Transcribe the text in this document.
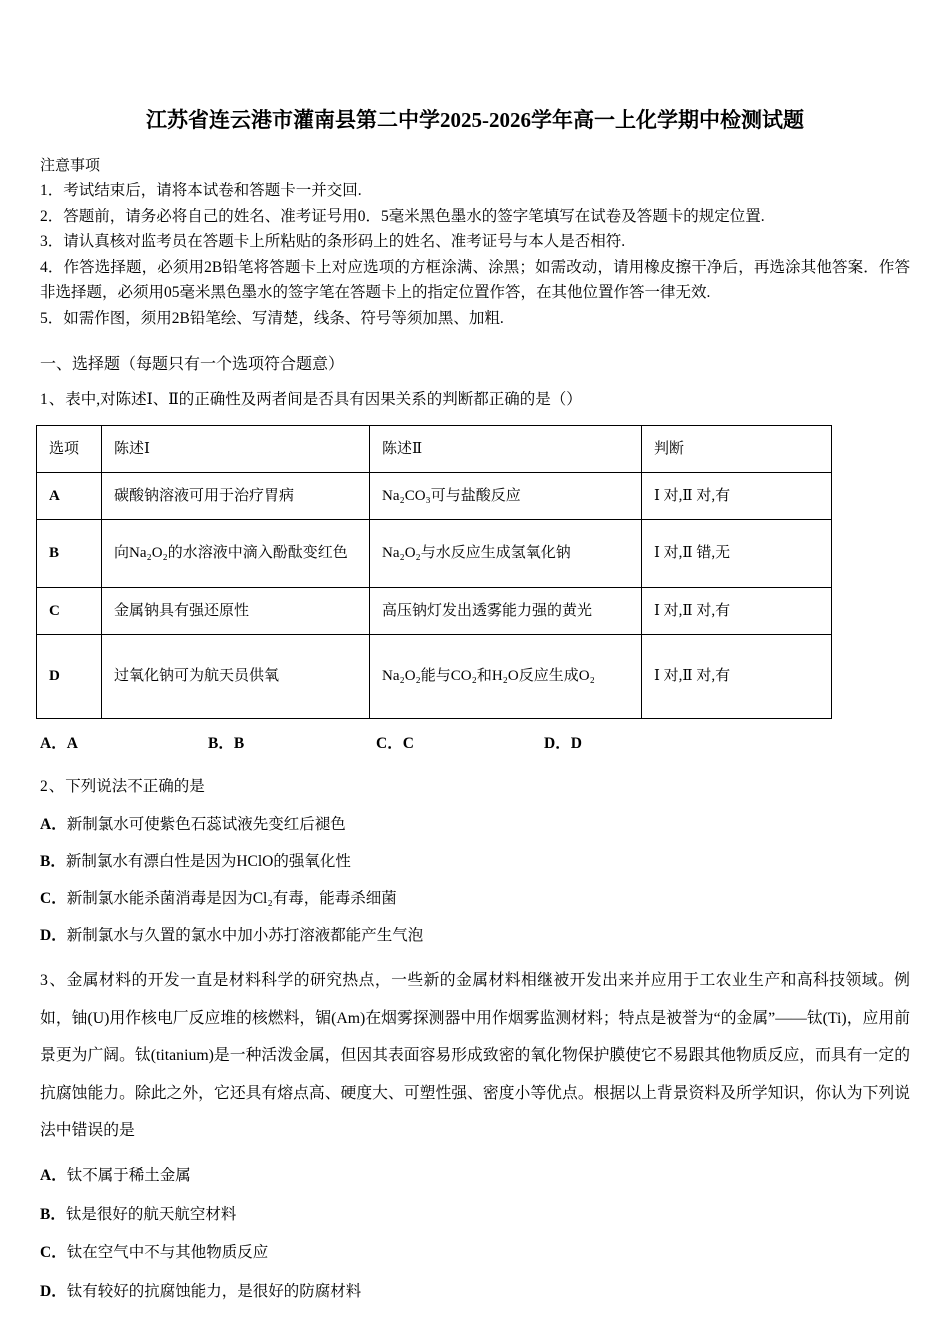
江苏省连云港市灌南县第二中学2025-2026学年高一上化学期中检测试题
注意事项
1．考试结束后，请将本试卷和答题卡一并交回.
2．答题前，请务必将自己的姓名、准考证号用0．5毫米黑色墨水的签字笔填写在试卷及答题卡的规定位置.
3．请认真核对监考员在答题卡上所粘贴的条形码上的姓名、准考证号与本人是否相符.
4．作答选择题，必须用2B铅笔将答题卡上对应选项的方框涂满、涂黑；如需改动，请用橡皮擦干净后，再选涂其他答案．作答非选择题，必须用05毫米黑色墨水的签字笔在答题卡上的指定位置作答，在其他位置作答一律无效.
5．如需作图，须用2B铅笔绘、写清楚，线条、符号等须加黑、加粗.
一、选择题（每题只有一个选项符合题意）
1、表中,对陈述Ⅰ、Ⅱ的正确性及两者间是否具有因果关系的判断都正确的是（）
选项	陈述Ⅰ	陈述Ⅱ	判断
A	碳酸钠溶液可用于治疗胃病	Na₂CO₃可与盐酸反应	Ⅰ 对,Ⅱ 对,有
B	向Na₂O₂的水溶液中滴入酚酞变红色	Na₂O₂与水反应生成氢氧化钠	Ⅰ 对,Ⅱ 错,无
C	金属钠具有强还原性	高压钠灯发出透雾能力强的黄光	Ⅰ 对,Ⅱ 对,有
D	过氧化钠可为航天员供氧	Na₂O₂能与CO₂和H₂O反应生成O₂	Ⅰ 对,Ⅱ 对,有
A．A	B．B	C．C	D．D
2、下列说法不正确的是
A．新制氯水可使紫色石蕊试液先变红后褪色
B．新制氯水有漂白性是因为HClO的强氧化性
C．新制氯水能杀菌消毒是因为Cl₂有毒，能毒杀细菌
D．新制氯水与久置的氯水中加小苏打溶液都能产生气泡

3、金属材料的开发一直是材料科学的研究热点，一些新的金属材料相继被开发出来并应用于工农业生产和高科技领域。例如，铀(U)用作核电厂反应堆的核燃料，镅(Am)在烟雾探测器中用作烟雾监测材料；特点是被誉为“的金属”——钛(Ti)，应用前景更为广阔。钛(titanium)是一种活泼金属，但因其表面容易形成致密的氧化物保护膜使它不易跟其他物质反应，而具有一定的抗腐蚀能力。除此之外，它还具有熔点高、硬度大、可塑性强、密度小等优点。根据以上背景资料及所学知识，你认为下列说法中错误的是

A．钛不属于稀土金属
B．钛是很好的航天航空材料
C．钛在空气中不与其他物质反应
D．钛有较好的抗腐蚀能力，是很好的防腐材料
